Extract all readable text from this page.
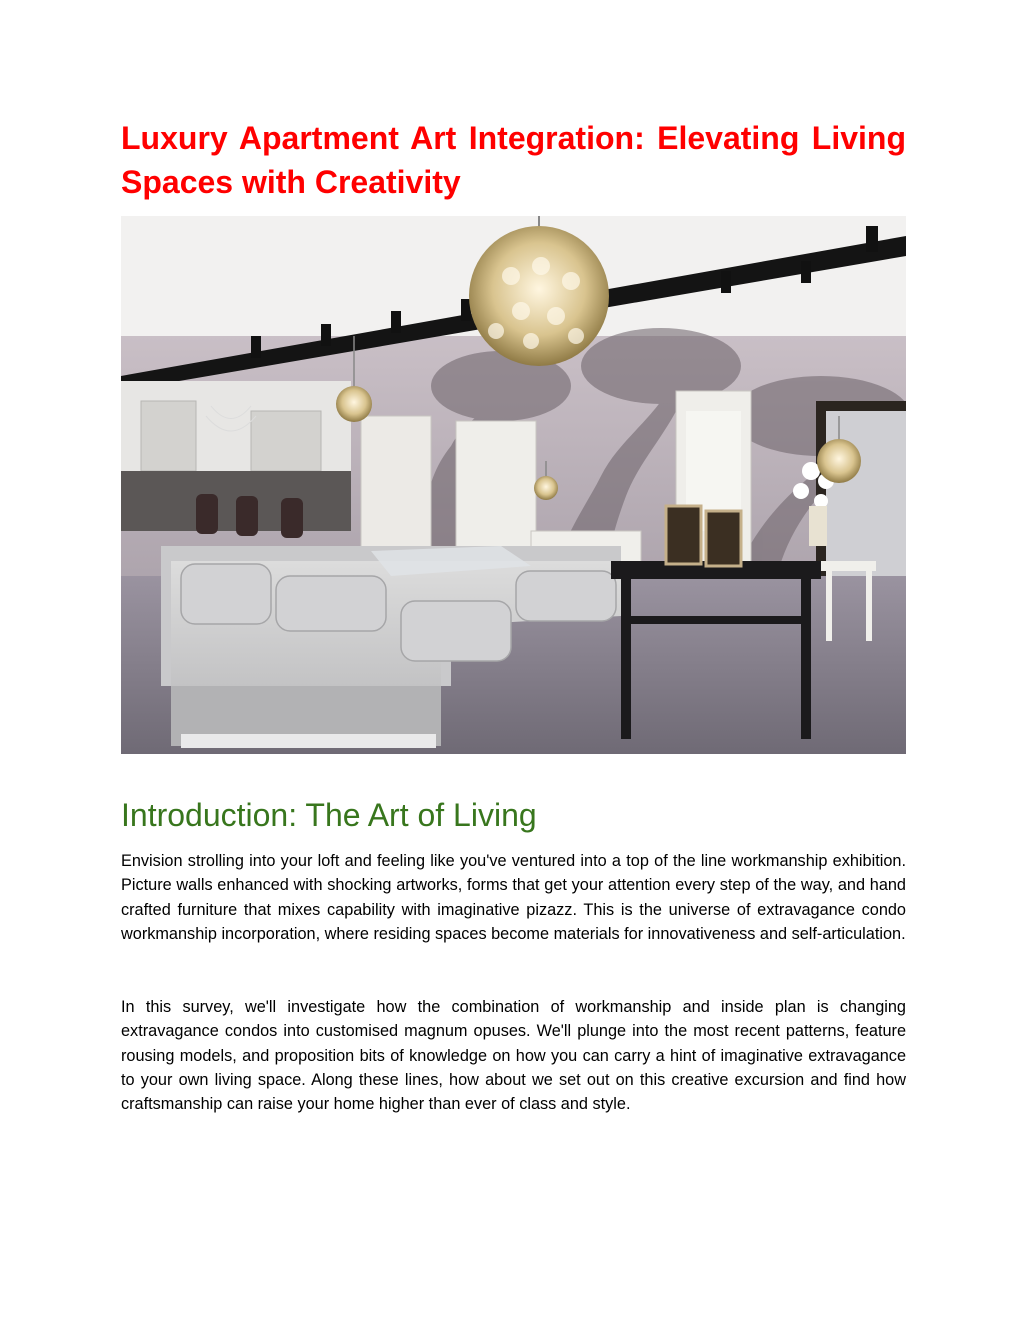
Luxury Apartment Art Integration: Elevating Living Spaces with Creativity
Introduction: The Art of Living

Envision strolling into your loft and feeling like you've ventured into a top of the line workmanship exhibition. Picture walls enhanced with shocking artworks, forms that get your attention every step of the way, and hand crafted furniture that mixes capability with imaginative pizazz. This is the universe of extravagance condo workmanship incorporation, where residing spaces become materials for innovativeness and self-articulation.

In this survey, we'll investigate how the combination of workmanship and inside plan is changing extravagance condos into customised magnum opuses. We'll plunge into the most recent patterns, feature rousing models, and proposition bits of knowledge on how you can carry a hint of imaginative extravagance to your own living space. Along these lines, how about we set out on this creative excursion and find how craftsmanship can raise your home higher than ever of class and style.
